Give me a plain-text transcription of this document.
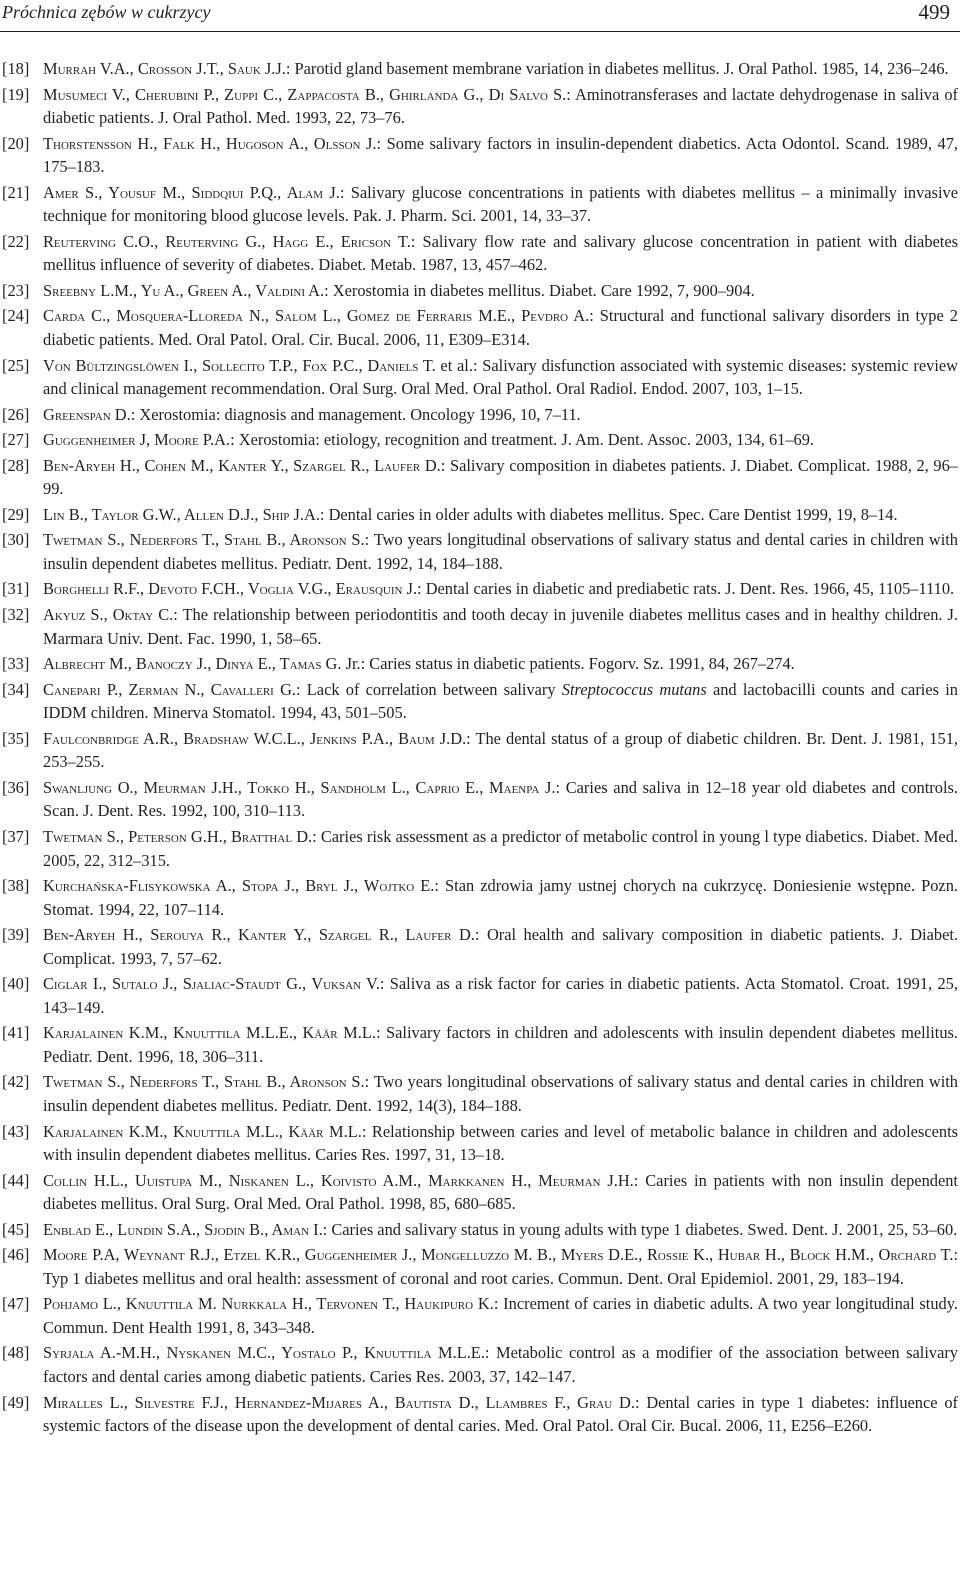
Próchnica zębów w cukrzycy	499
[18] Murrah V.A., Crosson J.T., Sauk J.J.: Parotid gland basement membrane variation in diabetes mellitus. J. Oral Pathol. 1985, 14, 236–246.
[19] Musumeci V., Cherubini P., Zuppi C., Zappacosta B., Ghirlanda G., Di Salvo S.: Aminotransferases and lactate dehydrogenase in saliva of diabetic patients. J. Oral Pathol. Med. 1993, 22, 73–76.
[20] Thorstensson H., Falk H., Hugoson A., Olsson J.: Some salivary factors in insulin-dependent diabetics. Acta Odontol. Scand. 1989, 47, 175–183.
[21] Amer S., Yousuf M., Siddqiui P.Q., Alam J.: Salivary glucose concentrations in patients with diabetes mellitus – a minimally invasive technique for monitoring blood glucose levels. Pak. J. Pharm. Sci. 2001, 14, 33–37.
[22] Reuterving C.O., Reuterving G., Hagg E., Ericson T.: Salivary flow rate and salivary glucose concentration in patient with diabetes mellitus influence of severity of diabetes. Diabet. Metab. 1987, 13, 457–462.
[23] Sreebny L.M., Yu A., Green A., Valdini A.: Xerostomia in diabetes mellitus. Diabet. Care 1992, 7, 900–904.
[24] Carda C., Mosquera-Lloreda N., Salom L., Gomez de Ferraris M.E., Pevdro A.: Structural and functional salivary disorders in type 2 diabetic patients. Med. Oral Patol. Oral. Cir. Bucal. 2006, 11, E309–E314.
[25] Von Bültzingslöwen I., Sollecito T.P., Fox P.C., Daniels T. et al.: Salivary disfunction associated with systemic diseases: systemic review and clinical management recommendation. Oral Surg. Oral Med. Oral Pathol. Oral Radiol. Endod. 2007, 103, 1–15.
[26] Greenspan D.: Xerostomia: diagnosis and management. Oncology 1996, 10, 7–11.
[27] Guggenheimer J, Moore P.A.: Xerostomia: etiology, recognition and treatment. J. Am. Dent. Assoc. 2003, 134, 61–69.
[28] Ben-Aryeh H., Cohen M., Kanter Y., Szargel R., Laufer D.: Salivary composition in diabetes patients. J. Diabet. Complicat. 1988, 2, 96–99.
[29] Lin B., Taylor G.W., Allen D.J., Ship J.A.: Dental caries in older adults with diabetes mellitus. Spec. Care Dentist 1999, 19, 8–14.
[30] Twetman S., Nederfors T., Stahl B., Aronson S.: Two years longitudinal observations of salivary status and dental caries in children with insulin dependent diabetes mellitus. Pediatr. Dent. 1992, 14, 184–188.
[31] Borghelli R.F., Devoto F.CH., Voglia V.G., Erausquin J.: Dental caries in diabetic and prediabetic rats. J. Dent. Res. 1966, 45, 1105–1110.
[32] Akyuz S., Oktay C.: The relationship between periodontitis and tooth decay in juvenile diabetes mellitus cases and in healthy children. J. Marmara Univ. Dent. Fac. 1990, 1, 58–65.
[33] Albrecht M., Banoczy J., Dinya E., Tamas G. Jr.: Caries status in diabetic patients. Fogorv. Sz. 1991, 84, 267–274.
[34] Canepari P., Zerman N., Cavalleri G.: Lack of correlation between salivary Streptococcus mutans and lactobacilli counts and caries in IDDM children. Minerva Stomatol. 1994, 43, 501–505.
[35] Faulconbridge A.R., Bradshaw W.C.L., Jenkins P.A., Baum J.D.: The dental status of a group of diabetic children. Br. Dent. J. 1981, 151, 253–255.
[36] Swanljung O., Meurman J.H., Tokko H., Sandholm L., Caprio E., Maenpa J.: Caries and saliva in 12–18 year old diabetes and controls. Scan. J. Dent. Res. 1992, 100, 310–113.
[37] Twetman S., Peterson G.H., Bratthal D.: Caries risk assessment as a predictor of metabolic control in young l type diabetics. Diabet. Med. 2005, 22, 312–315.
[38] Kurchańska-Flisykowska A., Stopa J., Bryl J., Wojtko E.: Stan zdrowia jamy ustnej chorych na cukrzycę. Doniesienie wstępne. Pozn. Stomat. 1994, 22, 107–114.
[39] Ben-Aryeh H., Serouya R., Kanter Y., Szargel R., Laufer D.: Oral health and salivary composition in diabetic patients. J. Diabet. Complicat. 1993, 7, 57–62.
[40] Ciglar I., Sutalo J., Sjaliac-Staudt G., Vuksan V.: Saliva as a risk factor for caries in diabetic patients. Acta Stomatol. Croat. 1991, 25, 143–149.
[41] Karjalainen K.M., Knuuttila M.L.E., Käär M.L.: Salivary factors in children and adolescents with insulin dependent diabetes mellitus. Pediatr. Dent. 1996, 18, 306–311.
[42] Twetman S., Nederfors T., Stahl B., Aronson S.: Two years longitudinal observations of salivary status and dental caries in children with insulin dependent diabetes mellitus. Pediatr. Dent. 1992, 14(3), 184–188.
[43] Karjalainen K.M., Knuuttila M.L., Käär M.L.: Relationship between caries and level of metabolic balance in children and adolescents with insulin dependent diabetes mellitus. Caries Res. 1997, 31, 13–18.
[44] Collin H.L., Uuistupa M., Niskanen L., Koivisto A.M., Markkanen H., Meurman J.H.: Caries in patients with non insulin dependent diabetes mellitus. Oral Surg. Oral Med. Oral Pathol. 1998, 85, 680–685.
[45] Enblad E., Lundin S.A., Sjodin B., Aman I.: Caries and salivary status in young adults with type 1 diabetes. Swed. Dent. J. 2001, 25, 53–60.
[46] Moore P.A, Weynant R.J., Etzel K.R., Guggenheimer J., Mongelluzzo M. B., Myers D.E., Rossie K., Hubar H., Block H.M., Orchard T.: Typ 1 diabetes mellitus and oral health: assessment of coronal and root caries. Commun. Dent. Oral Epidemiol. 2001, 29, 183–194.
[47] Pohjamo L., Knuuttila M. Nurkkala H., Tervonen T., Haukipuro K.: Increment of caries in diabetic adults. A two year longitudinal study. Commun. Dent Health 1991, 8, 343–348.
[48] Syrjala A.-M.H., Nyskanen M.C., Yostalo P., Knuuttila M.L.E.: Metabolic control as a modifier of the association between salivary factors and dental caries among diabetic patients. Caries Res. 2003, 37, 142–147.
[49] Miralles L., Silvestre F.J., Hernandez-Mijares A., Bautista D., Llambres F., Grau D.: Dental caries in type 1 diabetes: influence of systemic factors of the disease upon the development of dental caries. Med. Oral Patol. Oral Cir. Bucal. 2006, 11, E256–E260.
